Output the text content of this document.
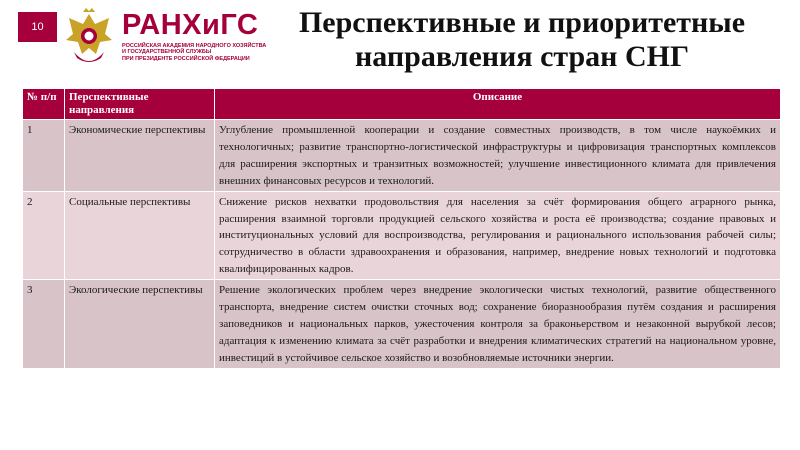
10	РАНХиГС
РОССИЙСКАЯ АКАДЕМИЯ НАРОДНОГО ХОЗЯЙСТВА
И ГОСУДАРСТВЕННОЙ СЛУЖБЫ
ПРИ ПРЕЗИДЕНТЕ РОССИЙСКОЙ ФЕДЕРАЦИИ
Перспективные и приоритетные направления стран СНГ
№ п/п	Перспективные направления	Описание
1	Экономические перспективы	Углубление промышленной кооперации и создание совместных производств, в том числе наукоёмких и технологичных; развитие транспортно-логистической инфраструктуры и цифровизация транспортных комплексов для расширения экспортных и транзитных возможностей; улучшение инвестиционного климата для привлечения внешних финансовых ресурсов и технологий.
2	Социальные перспективы	Снижение рисков нехватки продовольствия для населения за счёт формирования общего аграрного рынка, расширения взаимной торговли продукцией сельского хозяйства и роста её производства; создание правовых и институциональных условий для воспроизводства, регулирования и рационального использования рабочей силы; сотрудничество в области здравоохранения и образования, например, внедрение новых технологий и подготовка квалифицированных кадров.
3	Экологические перспективы	Решение экологических проблем через внедрение экологически чистых технологий, развитие общественного транспорта, внедрение систем очистки сточных вод; сохранение биоразнообразия путём создания и расширения заповедников и национальных парков, ужесточения контроля за браконьерством и незаконной вырубкой лесов; адаптация к изменению климата за счёт разработки и внедрения климатических стратегий на национальном уровне, инвестиций в устойчивое сельское хозяйство и возобновляемые источники энергии.
